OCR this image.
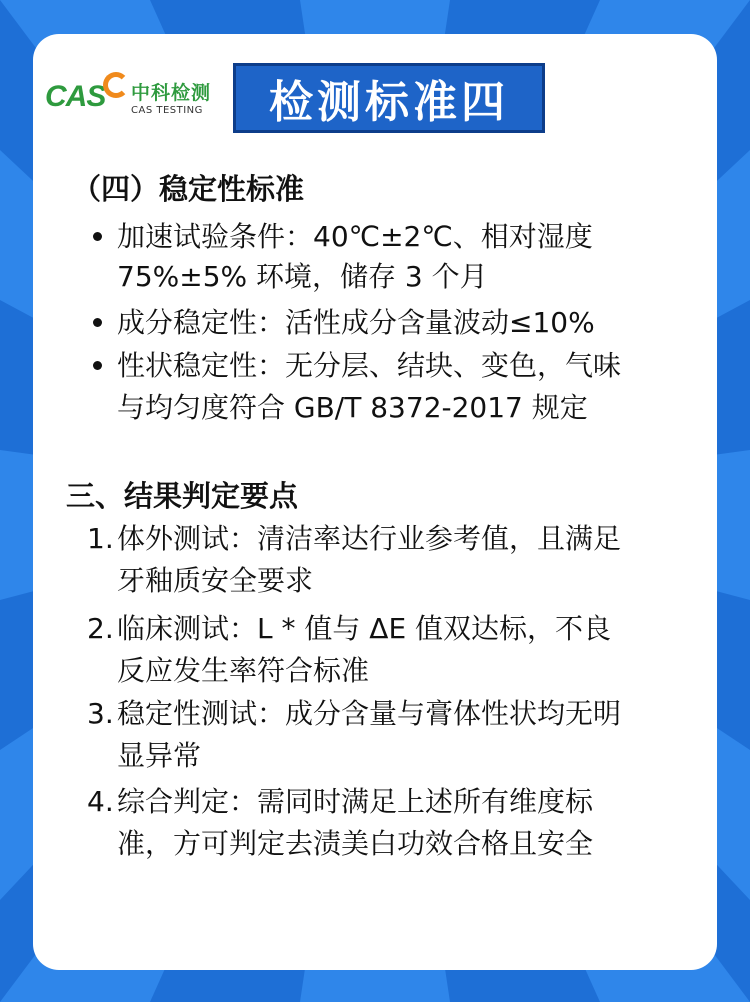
CAS 中科检测
CAS TESTING 检测标准四
（四）稳定性标准
加速试验条件：40℃±2℃、相对湿度
75%±5% 环境，储存 3 个月
成分稳定性：活性成分含量波动≤10%
性状稳定性：无分层、结块、变色，气味
与均匀度符合 GB/T 8372-2017 规定
三、结果判定要点
1. 体外测试：清洁率达行业参考值，且满足
牙釉质安全要求
2. 临床测试：L * 值与 ΔE 值双达标，不良
反应发生率符合标准
3. 稳定性测试：成分含量与膏体性状均无明
显异常
4. 综合判定：需同时满足上述所有维度标
准，方可判定去渍美白功效合格且安全
